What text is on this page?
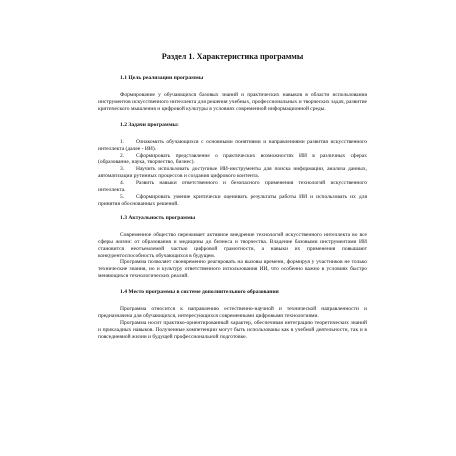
Раздел 1. Характеристика программы
1.1 Цель реализации программы

Формирование у обучающихся базовых знаний и практических навыков в области использования инструментов искусственного интеллекта для решения учебных, профессиональных и творческих задач, развитие критического мышления и цифровой культуры в условиях современной информационной среды.

1.2 Задачи программы:
1. Ознакомить обучающихся с основными понятиями и направлениями развития искусственного интеллекта (далее - ИИ).
2. Сформировать представление о практических возможностях ИИ в различных сферах (образование, наука, творчество, бизнес).
3. Научить использовать доступные ИИ-инструменты для поиска информации, анализа данных, автоматизации рутинных процессов и создания цифрового контента.
4. Развить навыки ответственного и безопасного применения технологий искусственного интеллекта.
5. Сформировать умение критически оценивать результаты работы ИИ и использовать их для принятия обоснованных решений.
1.3 Актуальность программы

Современное общество переживает активное внедрение технологий искусственного интеллекта во все сферы жизни: от образования и медицины до бизнеса и творчества. Владение базовыми инструментами ИИ становится неотъемлемой частью цифровой грамотности, а навыки их применения повышают конкурентоспособность обучающихся в будущем.

Программа позволяет своевременно реагировать на вызовы времени, формируя у участников не только технические знания, но и культуру ответственного использования ИИ, что особенно важно в условиях быстро меняющихся технологических реалий.

1.4 Место программы в системе дополнительного образования

Программа относится к направлению естественно-научной и технической направленности и предназначена для обучающихся, интересующихся современными цифровыми технологиями.

Программа носит практико-ориентированный характер, обеспечивая интеграцию теоретических знаний и прикладных навыков. Полученные компетенции могут быть использованы как в учебной деятельности, так и в повседневной жизни и будущей профессиональной подготовке.
